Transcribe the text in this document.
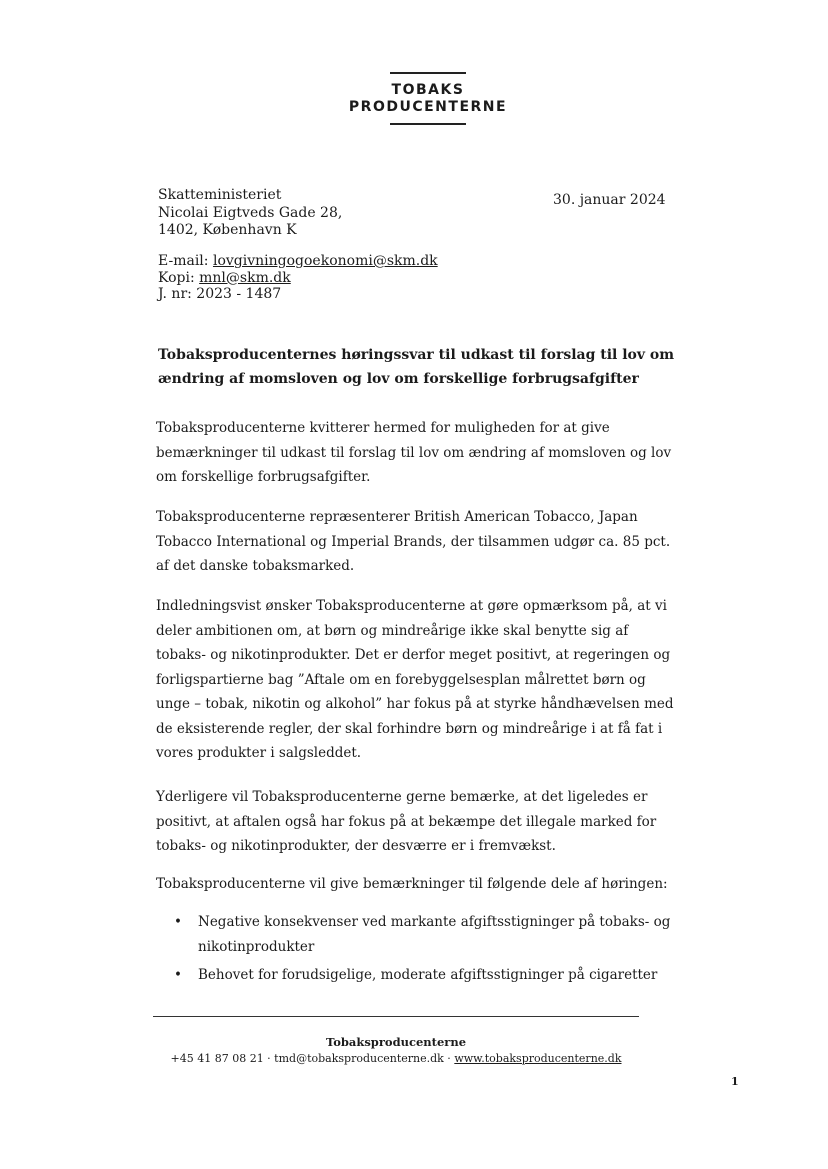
TOBAKS
PRODUCENTERNE
Skatteministeriet
Nicolai Eigtveds Gade 28,
1402, København K
30. januar 2024
E-mail: lovgivningogoekonomi@skm.dk
Kopi: mnl@skm.dk
J. nr: 2023 - 1487
Tobaksproducenternes høringssvar til udkast til forslag til lov om ændring af momsloven og lov om forskellige forbrugsafgifter

Tobaksproducenterne kvitterer hermed for muligheden for at give bemærkninger til udkast til forslag til lov om ændring af momsloven og lov om forskellige forbrugsafgifter.

Tobaksproducenterne repræsenterer British American Tobacco, Japan Tobacco International og Imperial Brands, der tilsammen udgør ca. 85 pct. af det danske tobaksmarked.

Indledningsvist ønsker Tobaksproducenterne at gøre opmærksom på, at vi deler ambitionen om, at børn og mindreårige ikke skal benytte sig af tobaks- og nikotinprodukter. Det er derfor meget positivt, at regeringen og forligspartierne bag ”Aftale om en forebyggelsesplan målrettet børn og unge – tobak, nikotin og alkohol” har fokus på at styrke håndhævelsen med de eksisterende regler, der skal forhindre børn og mindreårige i at få fat i vores produkter i salgsleddet.

Yderligere vil Tobaksproducenterne gerne bemærke, at det ligeledes er positivt, at aftalen også har fokus på at bekæmpe det illegale marked for tobaks- og nikotinprodukter, der desværre er i fremvækst.

Tobaksproducenterne vil give bemærkninger til følgende dele af høringen:

• Negative konsekvenser ved markante afgiftsstigninger på tobaks- og nikotinprodukter
• Behovet for forudsigelige, moderate afgiftsstigninger på cigaretter
Tobaksproducenterne
+45 41 87 08 21 · tmd@tobaksproducenterne.dk · www.tobaksproducenterne.dk
1
